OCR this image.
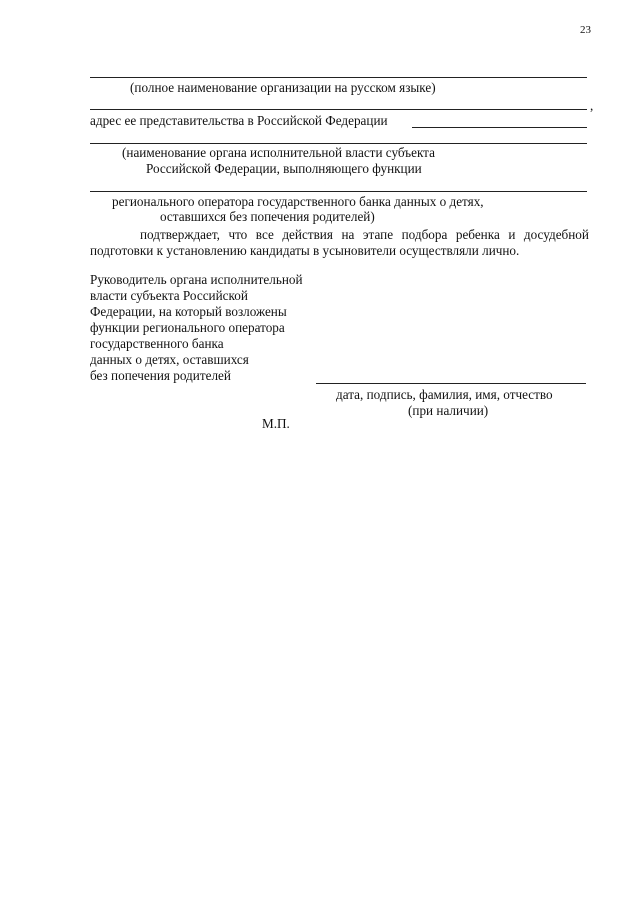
23
(полное наименование организации на русском языке)
,
адрес ее представительства в Российской Федерации
(наименование органа исполнительной власти субъекта
Российской Федерации, выполняющего функции
регионального оператора государственного банка данных о детях,
оставшихся без попечения родителей)
подтверждает, что все действия на этапе подбора ребенка и досудебной
подготовки к установлению кандидаты в усыновители осуществляли лично.
Руководитель органа исполнительной
власти субъекта Российской
Федерации, на который возложены
функции регионального оператора
государственного банка
данных о детях, оставшихся
без попечения родителей
дата, подпись, фамилия, имя, отчество
(при наличии)
М.П.
